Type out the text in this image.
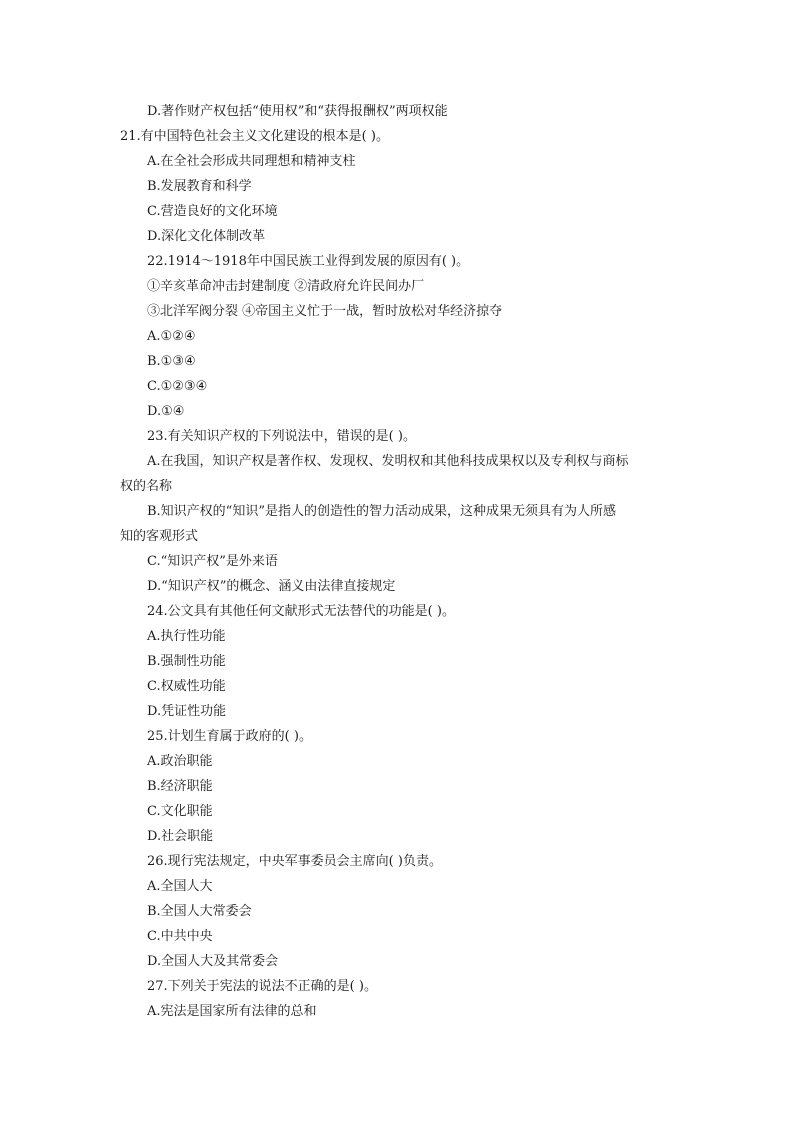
D.著作财产权包括“使用权”和“获得报酬权”两项权能
21.有中国特色社会主义文化建设的根本是( )。
A.在全社会形成共同理想和精神支柱
B.发展教育和科学
C.营造良好的文化环境
D.深化文化体制改革
22.1914～1918年中国民族工业得到发展的原因有( )。
①辛亥革命冲击封建制度 ②清政府允许民间办厂
③北洋军阀分裂 ④帝国主义忙于一战，暂时放松对华经济掠夺
A.①②④
B.①③④
C.①②③④
D.①④
23.有关知识产权的下列说法中，错误的是( )。
A.在我国，知识产权是著作权、发现权、发明权和其他科技成果权以及专利权与商标
权的名称
B.知识产权的“知识”是指人的创造性的智力活动成果，这种成果无须具有为人所感
知的客观形式
C.“知识产权”是外来语
D.“知识产权”的概念、涵义由法律直接规定
24.公文具有其他任何文献形式无法替代的功能是( )。
A.执行性功能
B.强制性功能
C.权威性功能
D.凭证性功能
25.计划生育属于政府的( )。
A.政治职能
B.经济职能
C.文化职能
D.社会职能
26.现行宪法规定，中央军事委员会主席向( )负责。
A.全国人大
B.全国人大常委会
C.中共中央
D.全国人大及其常委会
27.下列关于宪法的说法不正确的是( )。
A.宪法是国家所有法律的总和
